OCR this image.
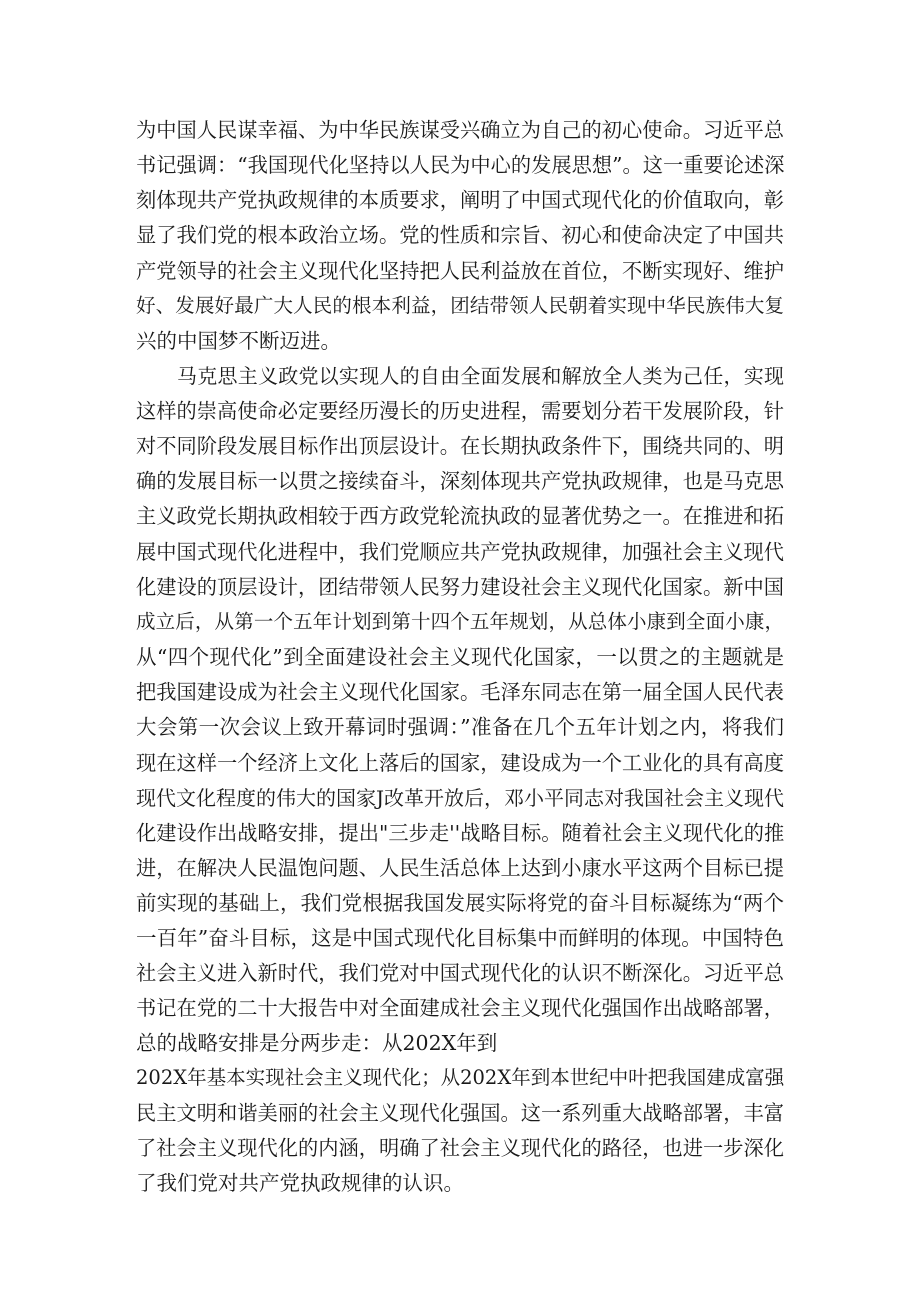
为中国人民谋幸福、为中华民族谋受兴确立为自己的初心使命。习近平总
书记强调：“我国现代化坚持以人民为中心的发展思想”。这一重要论述深
刻体现共产党执政规律的本质要求，阐明了中国式现代化的价值取向，彰
显了我们党的根本政治立场。党的性质和宗旨、初心和使命决定了中国共
产党领导的社会主义现代化坚持把人民利益放在首位，不断实现好、维护
好、发展好最广大人民的根本利益，团结带领人民朝着实现中华民族伟大复
兴的中国梦不断迈进。
马克思主义政党以实现人的自由全面发展和解放全人类为己任，实现
这样的崇高使命必定要经历漫长的历史进程，需要划分若干发展阶段，针
对不同阶段发展目标作出顶层设计。在长期执政条件下，围绕共同的、明
确的发展目标一以贯之接续奋斗，深刻体现共产党执政规律，也是马克思
主义政党长期执政相较于西方政党轮流执政的显著优势之一。在推进和拓
展中国式现代化进程中，我们党顺应共产党执政规律，加强社会主义现代
化建设的顶层设计，团结带领人民努力建设社会主义现代化国家。新中国
成立后，从第一个五年计划到第十四个五年规划，从总体小康到全面小康，
从“四个现代化”到全面建设社会主义现代化国家，一以贯之的主题就是
把我国建设成为社会主义现代化国家。毛泽东同志在第一届全国人民代表
大会第一次会议上致开幕词时强调：”准备在几个五年计划之内，将我们
现在这样一个经济上文化上落后的国家，建设成为一个工业化的具有高度
现代文化程度的伟大的国家J改革开放后，邓小平同志对我国社会主义现代
化建设作出战略安排，提出"三步走''战略目标。随着社会主义现代化的推
进，在解决人民温饱问题、人民生活总体上达到小康水平这两个目标已提
前实现的基础上，我们党根据我国发展实际将党的奋斗目标凝练为“两个
一百年”奋斗目标，这是中国式现代化目标集中而鲜明的体现。中国特色
社会主义进入新时代，我们党对中国式现代化的认识不断深化。习近平总
书记在党的二十大报告中对全面建成社会主义现代化强国作出战略部署，
总的战略安排是分两步走：从202X年到
202X年基本实现社会主义现代化；从202X年到本世纪中叶把我国建成富强
民主文明和谐美丽的社会主义现代化强国。这一系列重大战略部署，丰富
了社会主义现代化的内涵，明确了社会主义现代化的路径，也进一步深化
了我们党对共产党执政规律的认识。
